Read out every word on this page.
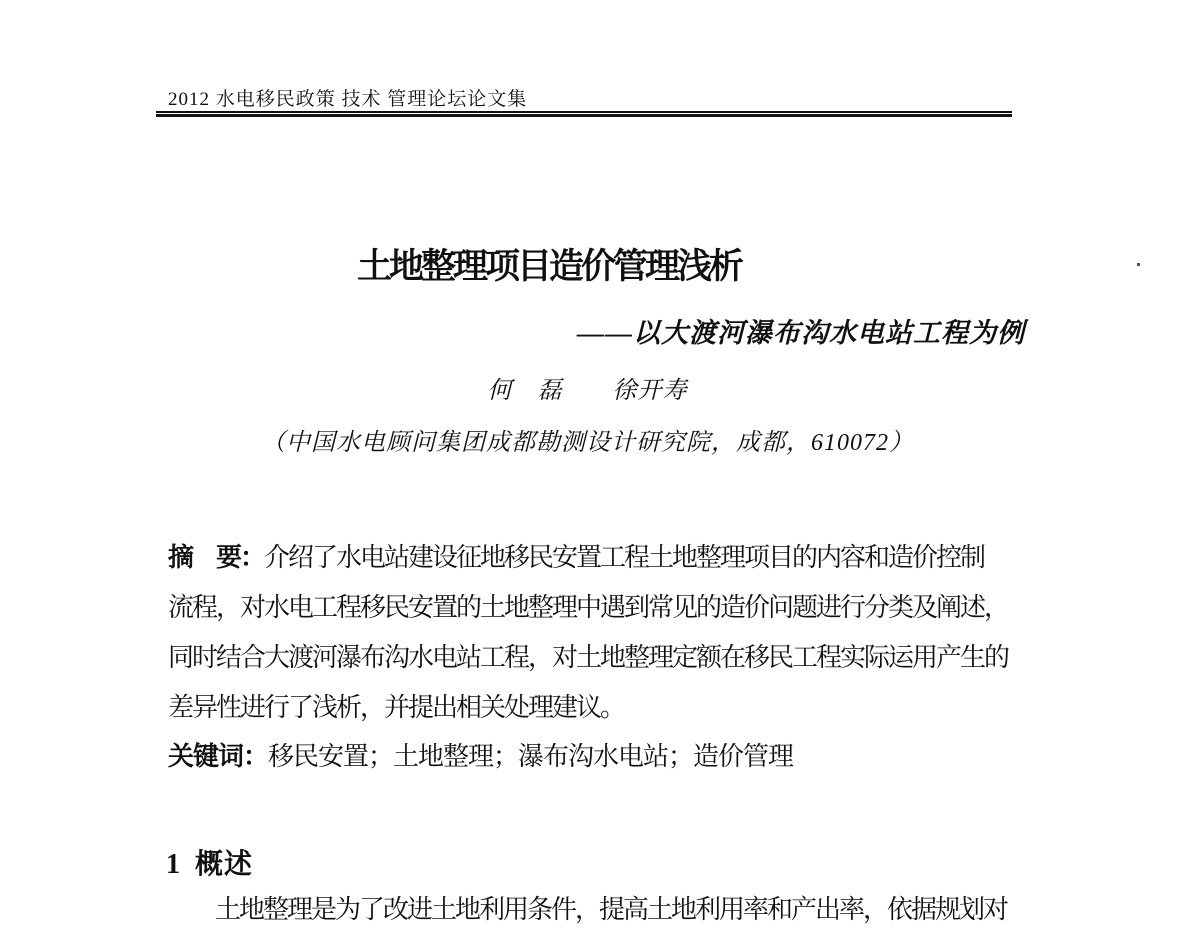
2012 水电移民政策 技术 管理论坛论文集
土地整理项目造价管理浅析
——以大渡河瀑布沟水电站工程为例
何　磊　　徐开寿
（中国水电顾问集团成都勘测设计研究院，成都，610072）
摘　要：介绍了水电站建设征地移民安置工程土地整理项目的内容和造价控制
流程，对水电工程移民安置的土地整理中遇到常见的造价问题进行分类及阐述，
同时结合大渡河瀑布沟水电站工程，对土地整理定额在移民工程实际运用产生的
差异性进行了浅析，并提出相关处理建议。
关键词：移民安置；土地整理；瀑布沟水电站；造价管理
1 概述
土地整理是为了改进土地利用条件，提高土地利用率和产出率，依据规划对
